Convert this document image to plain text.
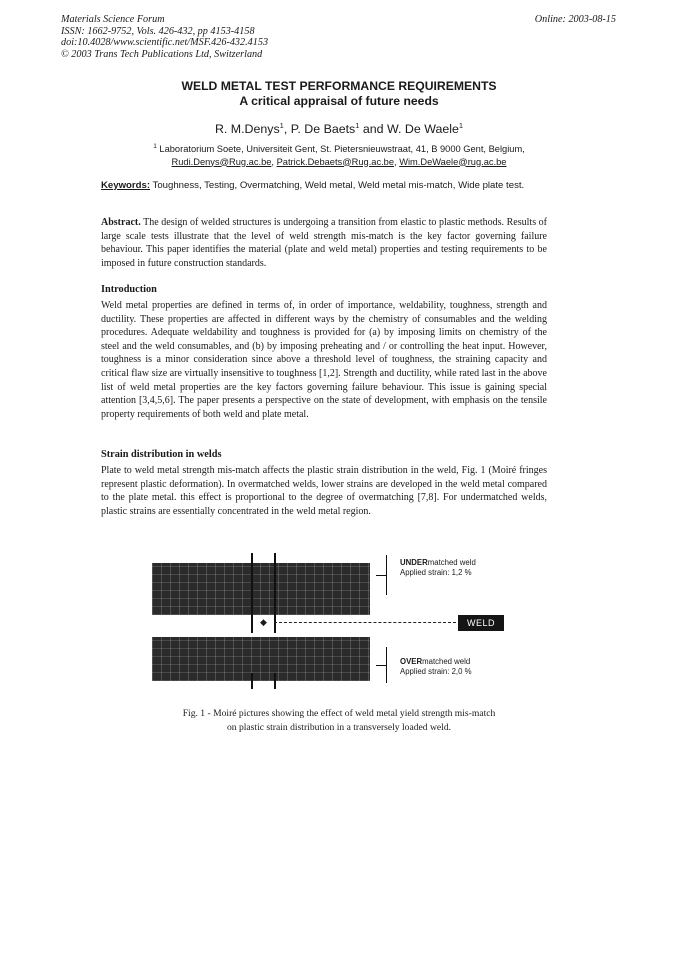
Materials Science Forum
ISSN: 1662-9752, Vols. 426-432, pp 4153-4158
doi:10.4028/www.scientific.net/MSF.426-432.4153
© 2003 Trans Tech Publications Ltd, Switzerland
Online: 2003-08-15
WELD METAL TEST PERFORMANCE REQUIREMENTS
A critical appraisal of future needs
R. M.Denys$^1$, P. De Baets$^1$ and W. De Waele$^1$
$^1$ Laboratorium Soete, Universiteit Gent, St. Pietersnieuwstraat, 41, B 9000 Gent, Belgium,
Rudi.Denys@Rug.ac.be, Patrick.Debaets@Rug.ac.be, Wim.DeWaele@rug.ac.be
Keywords: Toughness, Testing, Overmatching, Weld metal, Weld metal mis-match, Wide plate test.
Abstract. The design of welded structures is undergoing a transition from elastic to plastic methods. Results of large scale tests illustrate that the level of weld strength mis-match is the key factor governing failure behaviour. This paper identifies the material (plate and weld metal) properties and testing requirements to be imposed in future construction standards.
Introduction
Weld metal properties are defined in terms of, in order of importance, weldability, toughness, strength and ductility. These properties are affected in different ways by the chemistry of consumables and the welding procedures. Adequate weldability and toughness is provided for (a) by imposing limits on chemistry of the steel and the weld consumables, and (b) by imposing preheating and / or controlling the heat input. However, toughness is a minor consideration since above a threshold level of toughness, the straining capacity and critical flaw size are virtually insensitive to toughness [1,2]. Strength and ductility, while rated last in the above list of weld metal properties are the key factors governing failure behaviour. This issue is gaining special attention [3,4,5,6]. The paper presents a perspective on the state of development, with emphasis on the tensile property requirements of both weld and plate metal.
Strain distribution in welds
Plate to weld metal strength mis-match affects the plastic strain distribution in the weld, Fig. 1 (Moiré fringes represent plastic deformation). In overmatched welds, lower strains are developed in the weld metal compared to the plate metal. this effect is proportional to the degree of overmatching [7,8]. For undermatched welds, plastic strains are essentially concentrated in the weld metal region.
◆	WELD
UNDERmatched weld
Applied strain: 1,2 %
OVERmatched weld
Applied strain: 2,0 %
Fig. 1 - Moiré pictures showing the effect of weld metal yield strength mis-match
on plastic strain distribution in a transversely loaded weld.
